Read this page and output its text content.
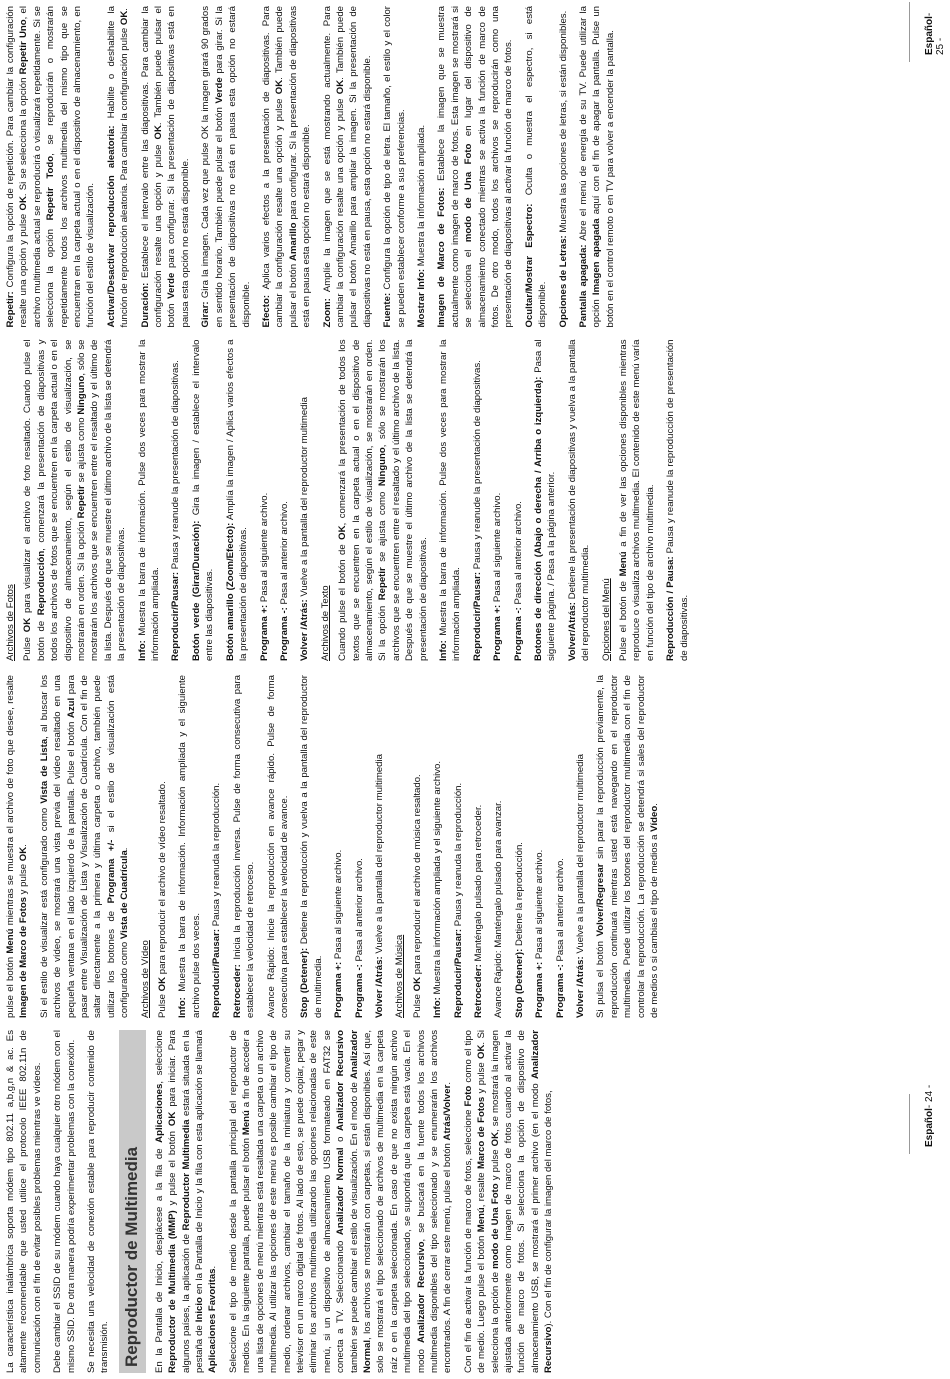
La característica inalámbrica soporta módem tipo 802.11 a,b,g,n & ac. Es altamente recomendable que usted utilice el protocolo IEEE 802.11n de comunicación con el fin de evitar posibles problemas mientras ve vídeos. Debe cambiar el SSID de su módem cuando haya cualquier otro módem con el mismo SSID. De otra manera podría experimentar problemas con la conexión. Se necesita una velocidad de conexión estable para reproducir contenido de transmisión. Reproductor de Multimedia	En la Pantalla de Inicio, desplácese a la fila de Aplicaciones, seleccione Reproductor de Multimedia (MMP) y pulse el botón OK para iniciar. Para algunos países, la aplicación de Reproductor Multimedia estará situada en la pestaña de Inicio en la Pantalla de Inicio y la fila con esta aplicación se llamará Aplicaciones Favoritas. Seleccione el tipo de medio desde la pantalla principal del reproductor de medios. En la siguiente pantalla, puede pulsar el botón Menú a fin de acceder a una lista de opciones de menú mientras está resaltada una carpeta o un archivo multimedia. Al utilizar las opciones de este menú es posible cambiar el tipo de medio, ordenar archivos, cambiar el tamaño de la miniatura y convertir su televisor en un marco digital de fotos. Al lado de esto, se puede copiar, pegar y eliminar los archivos multimedia utilizando las opciones relacionadas de este menú, si un dispositivo de almacenamiento USB formateado en FAT32 se conecta a TV. Seleccionando Analizador Normal o Analizador Recursivo también se puede cambiar el estilo de visualización. En el modo de Analizador Normal, los archivos se mostrarán con carpetas, si están disponibles. Así que, solo se mostrará el tipo seleccionado de archivos de multimedia en la carpeta raíz o en la carpeta seleccionada. En caso de que no exista ningún archivo multimedia del tipo seleccionado, se supondrá que la carpeta está vacía. En el modo Analizador Recursivo, se buscará en la fuente todos los archivos multimedia disponibles del tipo seleccionado y se enumerarán los archivos encontrados. A fin de cerrar este menú, pulse el botón Atrás/Volver.

Con el fin de activar la función de marco de fotos, seleccione Foto como el tipo de medio. Luego pulse el botón Menú, resalte Marco de Fotos y pulse OK. Si selecciona la opción de modo de Una Foto y pulse OK, se mostrará la imagen ajustada anteriormente como imagen de marco de fotos cuando al activar la función de marco de fotos. Si selecciona la opción de dispositivo de almacenamiento USB, se mostrará el primer archivo (en el modo Analizador Recursivo). Con el fin de configurar la imagen del marco de fotos,

pulse el botón Menú mientras se muestra el archivo de foto que desee, resalte Imagen de Marco de Fotos y pulse OK. Si el estilo de visualizar está configurado como Vista de Lista, al buscar los archivos de vídeo, se mostrará una vista previa del vídeo resaltado en una pequeña ventana en el lado izquierdo de la pantalla. Pulse el botón Azul para pasar entre Visualización de Lista y Visualización de Cuadrícula. Con el fin de saltar directamente a la primera y última carpeta o archivo, también puede utilizar los botones de Programa +/- si el estilo de visualización está configurado como Vista de Cuadrícula.

Archivos de Vídeo Pulse OK para reproducir el archivo de vídeo resaltado.

Info: Muestra la barra de información. Información ampliada y el siguiente archivo pulse dos veces. Reproducir/Pausar: Pausa y reanuda la reproducción.

Retroceder: Inicia la reproducción inversa. Pulse de forma consecutiva para establecer la velocidad de retroceso. Avance Rápido: Inicie la reproducción en avance rápido. Pulse de forma consecutiva para establecer la velocidad de avance. Stop (Detener): Detiene la reproducción y vuelva a la pantalla del reproductor de multimedia. Programa +: Pasa al siguiente archivo.

Programa -: Pasa al anterior archivo.

Volver /Atrás: Vuelve a la pantalla del reproductor multimedia

Archivos de Música Pulse OK para reproducir el archivo de música resaltado.

Info: Muestra la información ampliada y el siguiente archivo. Reproducir/Pausar: Pausa y reanuda la reproducción.

Retroceder: Manténgalo pulsado para retroceder. Avance Rápido: Manténgalo pulsado para avanzar. Stop (Detener): Detiene la reproducción.

Programa +: Pasa al siguiente archivo.

Programa -: Pasa al anterior archivo.

Volver /Atrás: Vuelve a la pantalla del reproductor multimedia

Si pulsa el botón Volver/Regresar sin parar la reproducción previamente, la reproducción continuará mientras usted está navegando en el reproductor multimedia. Puede utilizar los botones del reproductor multimedia con el fin de controlar la reproducción. La reproducción se detendrá si sales del reproductor de medios o si cambias el tipo de medios a Vídeo.

Español- 24 -
Archivos de Fotos Pulse OK para visualizar el archivo de foto resaltado. Cuando pulse el botón de Reproducción, comenzará la presentación de diapositivas y todos los archivos de fotos que se encuentren en la carpeta actual o en el dispositivo de almacenamiento, según el estilo de visualización, se mostrarán en orden. Si la opción Repetir se ajusta como Ninguno, sólo se mostrarán los archivos que se encuentren entre el resaltado y el último de la lista. Después de que se muestre el último archivo de la lista se detendrá la presentación de diapositivas. Info: Muestra la barra de información. Pulse dos veces para mostrar la información ampliada. Reproducir/Pausar: Pausa y reanude la presentación de diapositivas.

Botón verde (Girar/Duración): Gira la imagen / establece el intervalo entre las diapositivas. Botón amarillo (Zoom/Efecto): Amplía la imagen / Aplica varios efectos a la presentación de diapositivas. Programa +: Pasa al siguiente archivo.

Programa -: Pasa al anterior archivo.

Volver /Atrás: Vuelve a la pantalla del reproductor multimedia

Archivos de Texto Cuando pulse el botón de OK, comenzará la presentación de todos los textos que se encuentren en la carpeta actual o en el dispositivo de almacenamiento, según el estilo de visualización, se mostrarán en orden. Si la opción Repetir se ajusta como Ninguno, sólo se mostrarán los archivos que se encuentren entre el resaltado y el último archivo de la lista. Después de que se muestre el último archivo de la lista se detendrá la presentación de diapositivas. Info: Muestra la barra de información. Pulse dos veces para mostrar la información ampliada. Reproducir/Pausar: Pausa y reanude la presentación de diapositivas.

Programa +: Pasa al siguiente archivo.

Programa -: Pasa al anterior archivo. Botones de dirección (Abajo o derecha / Arriba o izquierda): Pasa al siguiente página. / Pasa a la página anterior. Volver/Atrás: Detiene la presentación de diapositivas y vuelva a la pantalla del reproductor multimedia. Opciones del Menú Pulse el botón de Menú a fin de ver las opciones disponibles mientras reproduce o visualiza archivos multimedia. El contenido de este menú varía en función del tipo de archivo multimedia. Reproducción / Pausa: Pausa y reanude la reproducción de presentación de diapositivas.

Repetir: Configura la opción de repetición. Para cambiar la configuración resalte una opción y pulse OK. Si se selecciona la opción Repetir Uno, el archivo multimedia actual se reproducirá o visualizará repetidamente. Si se selecciona la opción Repetir Todo, se reproducirán o mostrarán repetidamente todos los archivos multimedia del mismo tipo que se encuentran en la carpeta actual o en el dispositivo de almacenamiento, en función del estilo de visualización. Activar/Desactivar reproducción aleatoria: Habilite o deshabilite la función de reproducción aleatoria. Para cambiar la configuración pulse OK.

Duración: Establece el intervalo entre las diapositivas. Para cambiar la configuración resalte una opción y pulse OK. También puede pulsar el botón Verde para configurar. Si la presentación de diapositivas está en pausa esta opción no estará disponible. Girar: Gira la imagen. Cada vez que pulse OK la imagen girará 90 grados en sentido horario. También puede pulsar el botón Verde para girar. Si la presentación de diapositivas no está en pausa esta opción no estará disponible. Efecto: Aplica varios efectos a la presentación de diapositivas. Para cambiar la configuración resalte una opción y pulse OK. También puede pulsar el botón Amarillo para configurar. Si la presentación de diapositivas está en pausa esta opción no estará disponible. Zoom: Amplíe la imagen que se está mostrando actualmente. Para cambiar la configuración resalte una opción y pulse OK. También puede pulsar el botón Amarillo para ampliar la imagen. Si la presentación de diapositivas no está en pausa, esta opción no estará disponible. Fuente: Configura la opción de tipo de letra. El tamaño, el estilo y el color se pueden establecer conforme a sus preferencias. Mostrar Info: Muestra la información ampliada. Imagen de Marco de Fotos: Establece la imagen que se muestra actualmente como imagen de marco de fotos. Esta imagen se mostrará si se selecciona el modo de Una Foto en lugar del dispositivo de almacenamiento conectado mientras se activa la función de marco de fotos. De otro modo, todos los archivos se reproducirán como una presentación de diapositivas al activar la función de marco de fotos. Ocultar/Mostrar Espectro: Oculta o muestra el espectro, si está disponible. Opciones de Letras: Muestra las opciones de letras, si están disponibles.

Pantalla apagada: Abre el menú de energía de su TV. Puede utilizar la opción Imagen apagada aquí con el fin de apagar la pantalla. Pulse un botón en el control remoto o en TV para volver a encender la pantalla.	Español- 25 -
